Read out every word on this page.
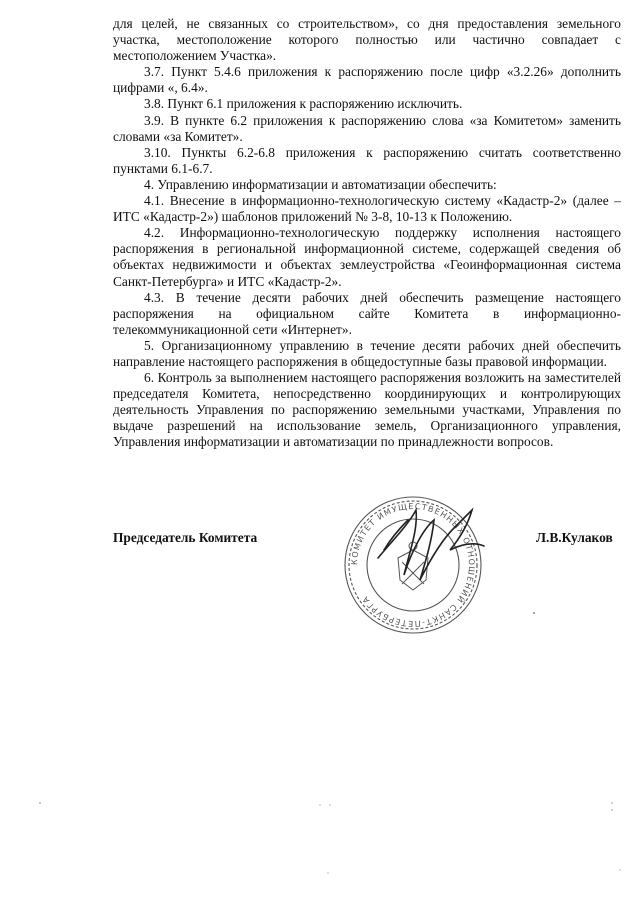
для целей, не связанных со строительством», со дня предоставления земельного участка, местоположение которого полностью или частично совпадает с местоположением Участка».

3.7. Пункт 5.4.6 приложения к распоряжению после цифр «3.2.26» дополнить цифрами «, 6.4».

3.8. Пункт 6.1 приложения к распоряжению исключить.

3.9. В пункте 6.2 приложения к распоряжению слова «за Комитетом» заменить словами «за Комитет».

3.10. Пункты 6.2-6.8 приложения к распоряжению считать соответственно пунктами 6.1-6.7.

4. Управлению информатизации и автоматизации обеспечить:

4.1. Внесение в информационно-технологическую систему «Кадастр-2» (далее – ИТС «Кадастр-2») шаблонов приложений № 3-8, 10-13 к Положению.

4.2. Информационно-технологическую поддержку исполнения настоящего распоряжения в региональной информационной системе, содержащей сведения об объектах недвижимости и объектах землеустройства «Геоинформационная система Санкт-Петербурга» и ИТС «Кадастр-2».

4.3. В течение десяти рабочих дней обеспечить размещение настоящего распоряжения на официальном сайте Комитета в информационно-телекоммуникационной сети «Интернет».

5. Организационному управлению в течение десяти рабочих дней обеспечить направление настоящего распоряжения в общедоступные базы правовой информации.

6. Контроль за выполнением настоящего распоряжения возложить на заместителей председателя Комитета, непосредственно координирующих и контролирующих деятельность Управления по распоряжению земельными участками, Управления по выдаче разрешений на использование земель, Организационного управления, Управления информатизации и автоматизации по принадлежности вопросов.

Председатель Комитета	Л.В.Кулаков
КОМИТЕТ ИМУЩЕСТВЕННЫХ ОТНОШЕНИЙ САНКТ-ПЕТЕРБУРГА
